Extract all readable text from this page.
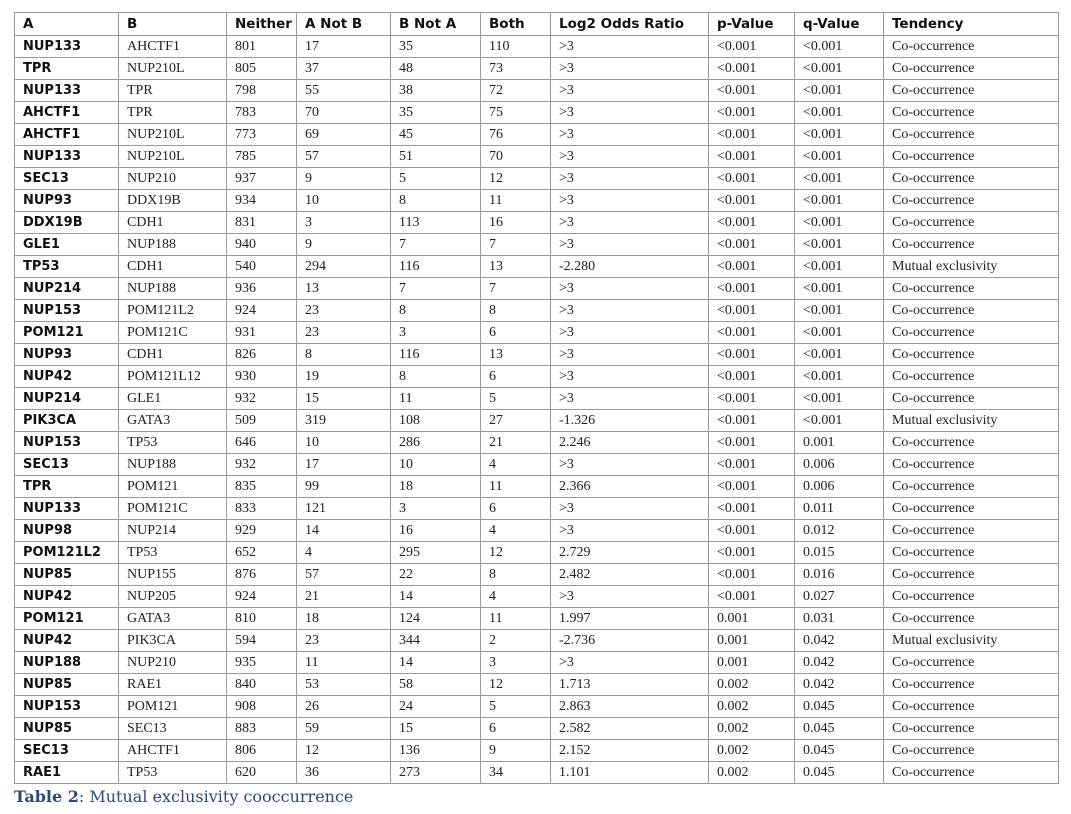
A	B	Neither	A Not B	B Not A	Both	Log2 Odds Ratio	p-Value	q-Value	Tendency
NUP133	AHCTF1	801	17	35	110	>3	<0.001	<0.001	Co-occurrence
TPR	NUP210L	805	37	48	73	>3	<0.001	<0.001	Co-occurrence
NUP133	TPR	798	55	38	72	>3	<0.001	<0.001	Co-occurrence
AHCTF1	TPR	783	70	35	75	>3	<0.001	<0.001	Co-occurrence
AHCTF1	NUP210L	773	69	45	76	>3	<0.001	<0.001	Co-occurrence
NUP133	NUP210L	785	57	51	70	>3	<0.001	<0.001	Co-occurrence
SEC13	NUP210	937	9	5	12	>3	<0.001	<0.001	Co-occurrence
NUP93	DDX19B	934	10	8	11	>3	<0.001	<0.001	Co-occurrence
DDX19B	CDH1	831	3	113	16	>3	<0.001	<0.001	Co-occurrence
GLE1	NUP188	940	9	7	7	>3	<0.001	<0.001	Co-occurrence
TP53	CDH1	540	294	116	13	-2.280	<0.001	<0.001	Mutual exclusivity
NUP214	NUP188	936	13	7	7	>3	<0.001	<0.001	Co-occurrence
NUP153	POM121L2	924	23	8	8	>3	<0.001	<0.001	Co-occurrence
POM121	POM121C	931	23	3	6	>3	<0.001	<0.001	Co-occurrence
NUP93	CDH1	826	8	116	13	>3	<0.001	<0.001	Co-occurrence
NUP42	POM121L12	930	19	8	6	>3	<0.001	<0.001	Co-occurrence
NUP214	GLE1	932	15	11	5	>3	<0.001	<0.001	Co-occurrence
PIK3CA	GATA3	509	319	108	27	-1.326	<0.001	<0.001	Mutual exclusivity
NUP153	TP53	646	10	286	21	2.246	<0.001	0.001	Co-occurrence
SEC13	NUP188	932	17	10	4	>3	<0.001	0.006	Co-occurrence
TPR	POM121	835	99	18	11	2.366	<0.001	0.006	Co-occurrence
NUP133	POM121C	833	121	3	6	>3	<0.001	0.011	Co-occurrence
NUP98	NUP214	929	14	16	4	>3	<0.001	0.012	Co-occurrence
POM121L2	TP53	652	4	295	12	2.729	<0.001	0.015	Co-occurrence
NUP85	NUP155	876	57	22	8	2.482	<0.001	0.016	Co-occurrence
NUP42	NUP205	924	21	14	4	>3	<0.001	0.027	Co-occurrence
POM121	GATA3	810	18	124	11	1.997	0.001	0.031	Co-occurrence
NUP42	PIK3CA	594	23	344	2	-2.736	0.001	0.042	Mutual exclusivity
NUP188	NUP210	935	11	14	3	>3	0.001	0.042	Co-occurrence
NUP85	RAE1	840	53	58	12	1.713	0.002	0.042	Co-occurrence
NUP153	POM121	908	26	24	5	2.863	0.002	0.045	Co-occurrence
NUP85	SEC13	883	59	15	6	2.582	0.002	0.045	Co-occurrence
SEC13	AHCTF1	806	12	136	9	2.152	0.002	0.045	Co-occurrence
RAE1	TP53	620	36	273	34	1.101	0.002	0.045	Co-occurrence
Table 2: Mutual exclusivity cooccurrence
